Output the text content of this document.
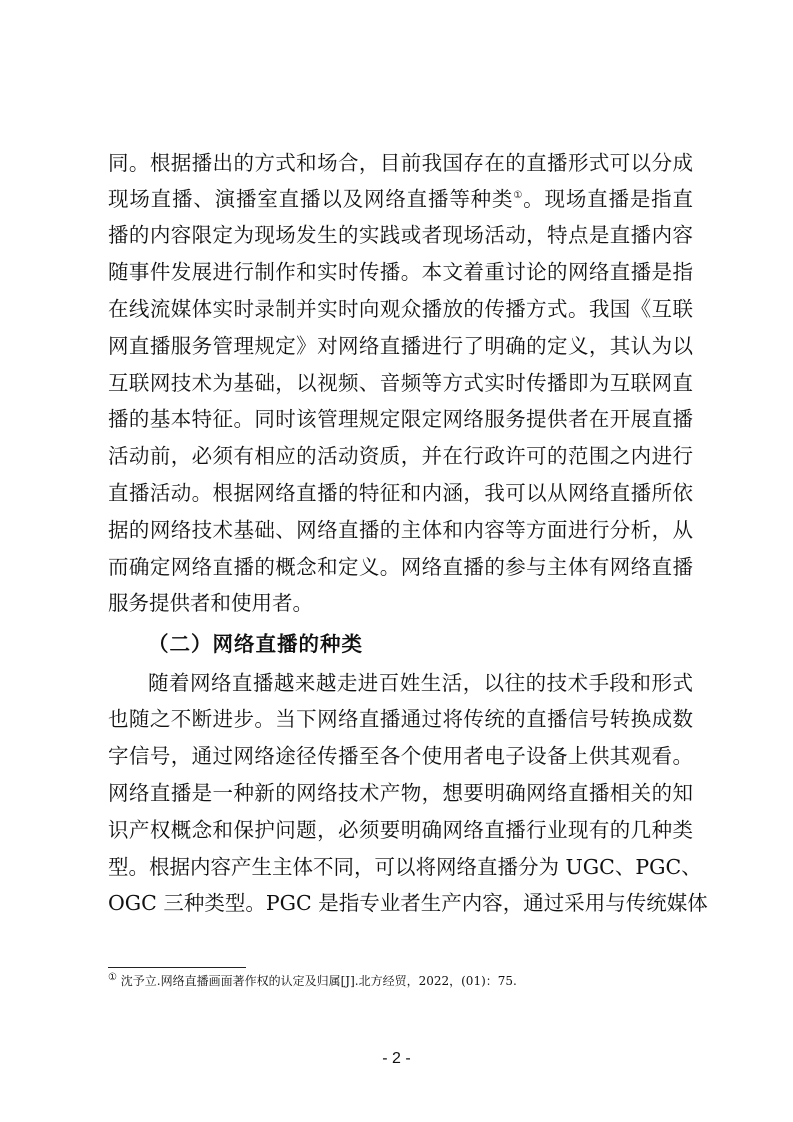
同。根据播出的方式和场合，目前我国存在的直播形式可以分成
现场直播、演播室直播以及网络直播等种类①。现场直播是指直
播的内容限定为现场发生的实践或者现场活动，特点是直播内容
随事件发展进行制作和实时传播。本文着重讨论的网络直播是指
在线流媒体实时录制并实时向观众播放的传播方式。我国《互联
网直播服务管理规定》对网络直播进行了明确的定义，其认为以
互联网技术为基础，以视频、音频等方式实时传播即为互联网直
播的基本特征。同时该管理规定限定网络服务提供者在开展直播
活动前，必须有相应的活动资质，并在行政许可的范围之内进行
直播活动。根据网络直播的特征和内涵，我可以从网络直播所依
据的网络技术基础、网络直播的主体和内容等方面进行分析，从
而确定网络直播的概念和定义。网络直播的参与主体有网络直播
服务提供者和使用者。
（二）网络直播的种类
随着网络直播越来越走进百姓生活，以往的技术手段和形式
也随之不断进步。当下网络直播通过将传统的直播信号转换成数
字信号，通过网络途径传播至各个使用者电子设备上供其观看。
网络直播是一种新的网络技术产物，想要明确网络直播相关的知
识产权概念和保护问题，必须要明确网络直播行业现有的几种类
型。根据内容产生主体不同，可以将网络直播分为 UGC、PGC、
OGC 三种类型。PGC 是指专业者生产内容，通过采用与传统媒体
① 沈予立.网络直播画面著作权的认定及归属[J].北方经贸，2022，(01)：75.
- 2 -
